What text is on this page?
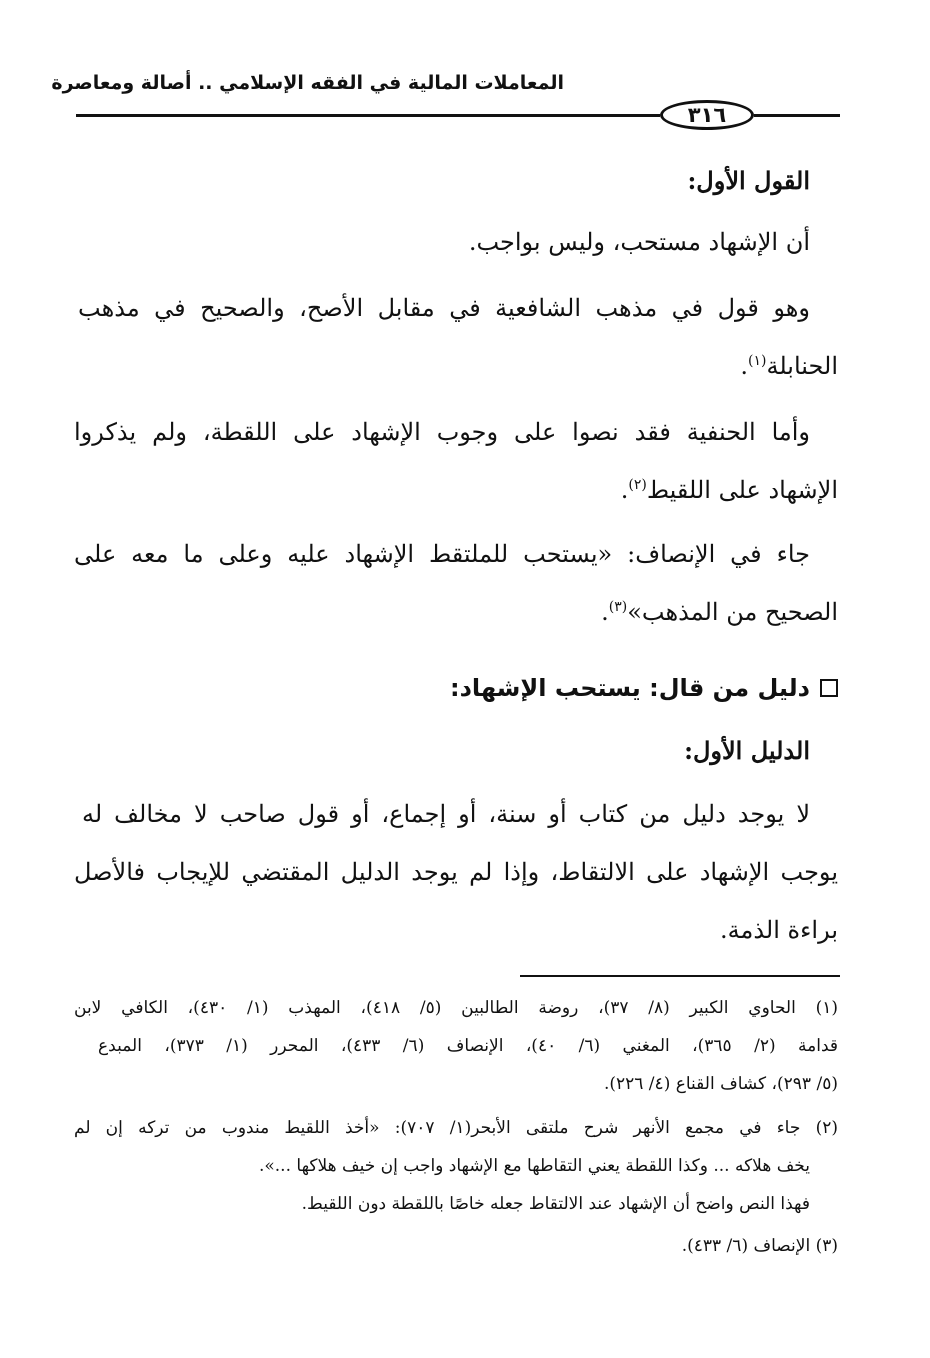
المعاملات المالية في الفقه الإسلامي .. أصالة ومعاصرة
٣١٦
القول الأول:
أن الإشهاد مستحب، وليس بواجب.
وهو قول في مذهب الشافعية في مقابل الأصح، والصحيح في مذهب
الحنابلة$^{(١)}$.
وأما الحنفية فقد نصوا على وجوب الإشهاد على اللقطة، ولم يذكروا
الإشهاد على اللقيط$^{(٢)}$.
جاء في الإنصاف: «يستحب للملتقط الإشهاد عليه وعلى ما معه على
الصحيح من المذهب»$^{(٣)}$.
دليل من قال: يستحب الإشهاد:
الدليل الأول:
لا يوجد دليل من كتاب أو سنة، أو إجماع، أو قول صاحب لا مخالف له
يوجب الإشهاد على الالتقاط، وإذا لم يوجد الدليل المقتضي للإيجاب فالأصل
براءة الذمة.
(١) الحاوي الكبير (٨/ ٣٧)، روضة الطالبين (٥/ ٤١٨)، المهذب (١/ ٤٣٠)، الكافي لابن
قدامة (٢/ ٣٦٥)، المغني (٦/ ٤٠)، الإنصاف (٦/ ٤٣٣)، المحرر (١/ ٣٧٣)، المبدع
(٥/ ٢٩٣)، كشاف القناع (٤/ ٢٢٦).
(٢) جاء في مجمع الأنهر شرح ملتقى الأبحر(١/ ٧٠٧): «أخذ اللقيط مندوب من تركه إن لم
يخف هلاكه ... وكذا اللقطة يعني التقاطها مع الإشهاد واجب إن خيف هلاكها ...».
فهذا النص واضح أن الإشهاد عند الالتقاط جعله خاصًا باللقطة دون اللقيط.
(٣) الإنصاف (٦/ ٤٣٣).
